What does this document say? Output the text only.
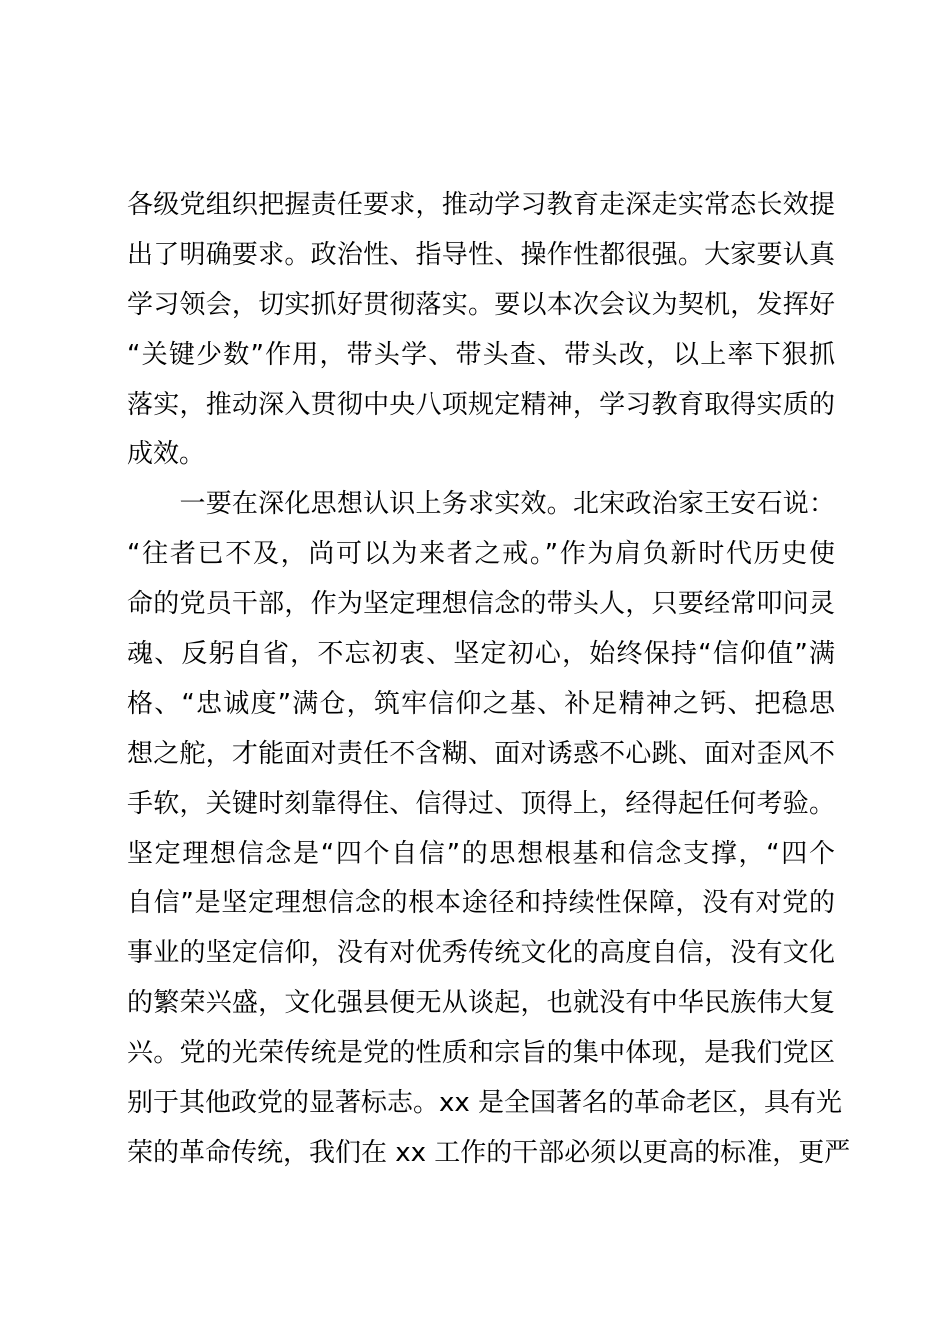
各级党组织把握责任要求，推动学习教育走深走实常态长效提
出了明确要求。政治性、指导性、操作性都很强。大家要认真
学习领会，切实抓好贯彻落实。要以本次会议为契机，发挥好
“关键少数”作用，带头学、带头查、带头改，以上率下狠抓
落实，推动深入贯彻中央八项规定精神，学习教育取得实质的
成效。
　　一要在深化思想认识上务求实效。北宋政治家王安石说：
“往者已不及，尚可以为来者之戒。”作为肩负新时代历史使
命的党员干部，作为坚定理想信念的带头人，只要经常叩问灵
魂、反躬自省，不忘初衷、坚定初心，始终保持“信仰值”满
格、“忠诚度”满仓，筑牢信仰之基、补足精神之钙、把稳思
想之舵，才能面对责任不含糊、面对诱惑不心跳、面对歪风不
手软，关键时刻靠得住、信得过、顶得上，经得起任何考验。
坚定理想信念是“四个自信”的思想根基和信念支撑，“四个
自信”是坚定理想信念的根本途径和持续性保障，没有对党的
事业的坚定信仰，没有对优秀传统文化的高度自信，没有文化
的繁荣兴盛，文化强县便无从谈起，也就没有中华民族伟大复
兴。党的光荣传统是党的性质和宗旨的集中体现，是我们党区
别于其他政党的显著标志。xx 是全国著名的革命老区，具有光
荣的革命传统，我们在 xx 工作的干部必须以更高的标准，更严
